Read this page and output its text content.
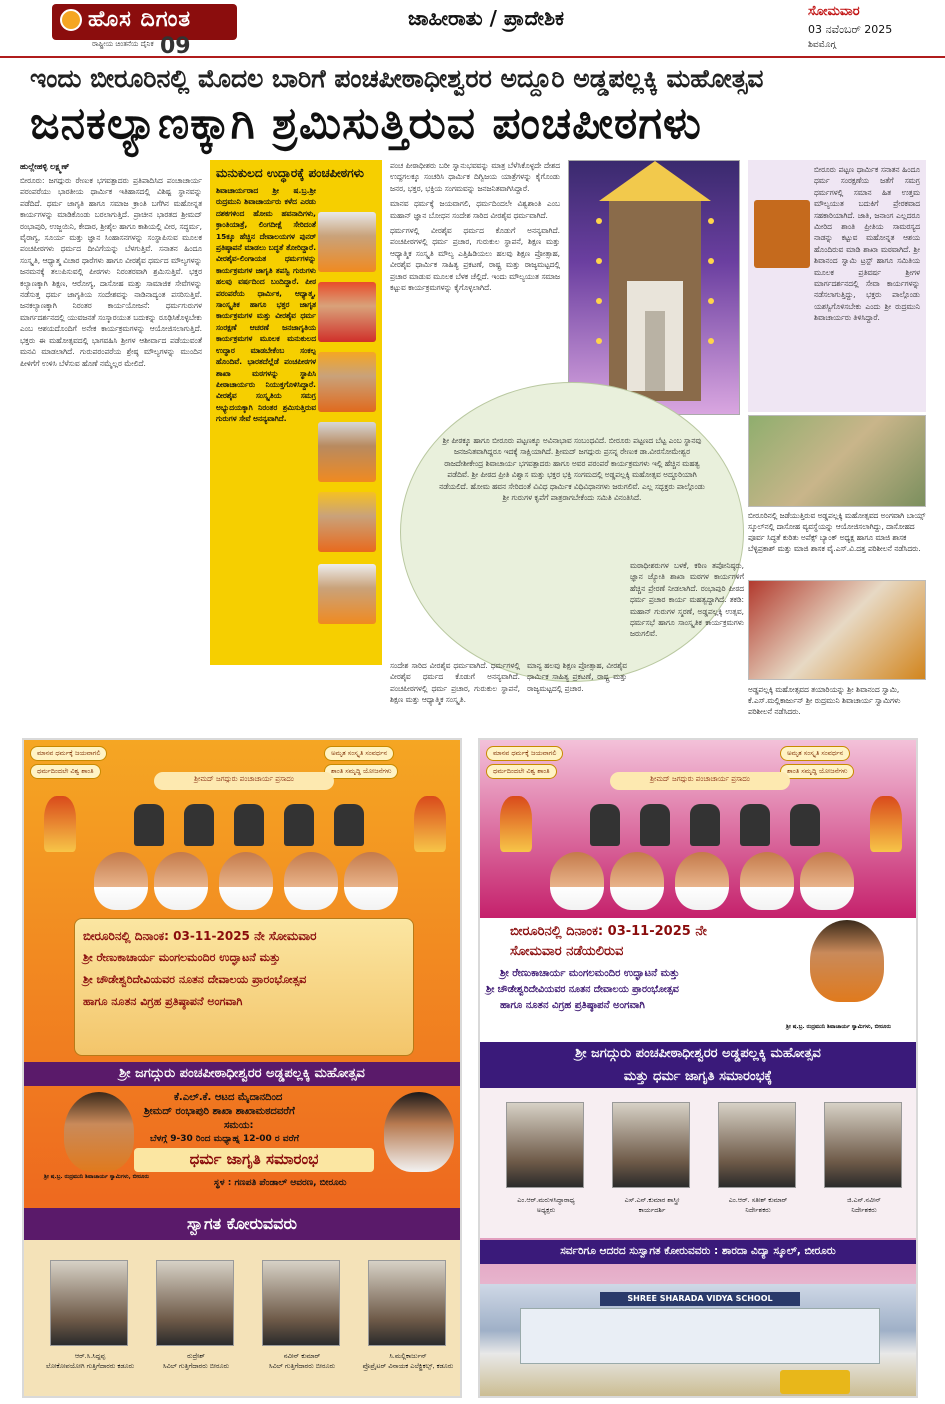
ಹೊಸ ದಿಗಂತ
ರಾಷ್ಟ್ರೀಯ ಚಿಂತನೆಯ ದೈನಿಕ 09
ಜಾಹೀರಾತು / ಪ್ರಾದೇಶಿಕ	ಸೋಮವಾರ
03 ನವೆಂಬರ್ 2025
ಶಿವಮೊಗ್ಗ
ಇಂದು ಬೀರೂರಿನಲ್ಲಿ ಮೊದಲ ಬಾರಿಗೆ ಪಂಚಪೀಠಾಧೀಶ್ವರರ ಅದ್ದೂರಿ ಅಡ್ಡಪಲ್ಲಕ್ಕಿ ಮಹೋತ್ಸವ
ಜನಕಲ್ಯಾಣಕ್ಕಾಗಿ ಶ್ರಮಿಸುತ್ತಿರುವ ಪಂಚಪೀಠಗಳು
ಹುಲ್ಲೇಹಳ್ಳಿ ಲಕ್ಷ್ಮಣ್
ಬೀರೂರು: ಜಗದ್ಗುರು ರೇಣುಕ ಭಗವತ್ಪಾದರು ಪ್ರತಿಪಾದಿಸಿದ ಪಂಚಾಚಾರ್ಯ ಪರಂಪರೆಯು ಭಾರತೀಯ ಧಾರ್ಮಿಕ ಇತಿಹಾಸದಲ್ಲಿ ವಿಶಿಷ್ಟ ಸ್ಥಾನವನ್ನು ಪಡೆದಿದೆ. ಧರ್ಮ ಜಾಗೃತಿ ಹಾಗೂ ಸಮಾಜ ಕ್ರಾಂತಿ ಬಗೆಗಿನ ಮಹೋನ್ನತ ಕಾರ್ಯಗಳನ್ನು ಮಾಡಿಕೊಂಡು ಬರಲಾಗುತ್ತಿದೆ. ಪ್ರಾಚೀನ ಭಾರತದ ಶ್ರೀಮದ್ ರಂಭಾಪುರಿ, ಉಜ್ಜಯಿನಿ, ಕೇದಾರ, ಶ್ರೀಶೈಲ ಹಾಗೂ ಕಾಶಿಯಲ್ಲಿ ವೀರ, ಸದ್ಧರ್ಮ, ವೈರಾಗ್ಯ, ಸೂರ್ಯ ಮತ್ತು ಜ್ಞಾನ ಸಿಂಹಾಸನಗಳನ್ನು ಸಂಸ್ಥಾಪಿಸುವ ಮೂಲಕ ಪಂಚಪೀಠಗಳು ಧರ್ಮದ ದೀವಿಗೆಯನ್ನು ಬೆಳಗುತ್ತಿವೆ. ಸನಾತನ ಹಿಂದೂ ಸಂಸ್ಕೃತಿ, ಆಧ್ಯಾತ್ಮ ವಿಚಾರ ಧಾರೆಗಳು ಹಾಗೂ ವೀರಶೈವ ಧರ್ಮದ ಮೌಲ್ಯಗಳನ್ನು ಜನಮನಕ್ಕೆ ತಲುಪಿಸುವಲ್ಲಿ ಪೀಠಗಳು ನಿರಂತರವಾಗಿ ಶ್ರಮಿಸುತ್ತಿವೆ. ಭಕ್ತರ ಕಲ್ಯಾಣಕ್ಕಾಗಿ ಶಿಕ್ಷಣ, ಆರೋಗ್ಯ, ದಾಸೋಹ ಮತ್ತು ಸಾಮಾಜಿಕ ಸೇವೆಗಳನ್ನು ನಡೆಸುತ್ತ ಧರ್ಮ ಜಾಗೃತಿಯ ಸಂದೇಶವನ್ನು ನಾಡಿನಾದ್ಯಂತ ಪಸರಿಸುತ್ತಿವೆ. ಜನಕಲ್ಯಾಣಕ್ಕಾಗಿ ನಿರಂತರ ಕಾರ್ಯಯೋಜನೆ: ಧರ್ಮಗುರುಗಳ ಮಾರ್ಗದರ್ಶನದಲ್ಲಿ ಯುವಜನತೆ ಸಂಸ್ಕಾರಯುತ ಬದುಕನ್ನು ರೂಢಿಸಿಕೊಳ್ಳಬೇಕು ಎಂಬ ಆಶಯದೊಂದಿಗೆ ಅನೇಕ ಕಾರ್ಯಕ್ರಮಗಳನ್ನು ಆಯೋಜಿಸಲಾಗುತ್ತಿದೆ. ಭಕ್ತರು ಈ ಮಹೋತ್ಸವದಲ್ಲಿ ಭಾಗವಹಿಸಿ ಶ್ರೀಗಳ ಆಶೀರ್ವಾದ ಪಡೆಯುವಂತೆ ಮನವಿ ಮಾಡಲಾಗಿದೆ. ಗುರುಪರಂಪರೆಯ ಶ್ರೇಷ್ಠ ಮೌಲ್ಯಗಳನ್ನು ಮುಂದಿನ ಪೀಳಿಗೆಗೆ ಉಳಿಸಿ ಬೆಳೆಸುವ ಹೊಣೆ ನಮ್ಮೆಲ್ಲರ ಮೇಲಿದೆ.
ಮನುಕುಲದ ಉದ್ಧಾರಕ್ಕೆ ಪಂಚಪೀಠಗಳು
ಶಿವಾಚಾರ್ಯರಾದ ಶ್ರೀ ಷ.ಬ್ರ.ಶ್ರೀ ರುದ್ರಮುನಿ ಶಿವಾಚಾರ್ಯರು ಕಳೆದ ಎರಡು ದಶಕಗಳಿಂದ ಹೋಮ ಹವನಾದಿಗಳು, ಕ್ರಾಂತಿಯಾತ್ರೆ, ಲಿಂಗದೀಕ್ಷೆ ಸೇರಿದಂತೆ 15ಕ್ಕೂ ಹೆಚ್ಚಿನ ದೇವಾಲಯಗಳ ಪುನರ್ ಪ್ರತಿಷ್ಠಾಪನೆ ಮಾಡಲು ಬದ್ಧತೆ ತೋರಿದ್ದಾರೆ. ವೀರಶೈವ-ಲಿಂಗಾಯತ ಧರ್ಮಗಳನ್ನು ಕಾರ್ಯಕ್ರಮಗಳ ಜಾಗೃತಿ ತಪಸ್ವಿ ಗುರುಗಳು ಹಲವು ವರ್ಷದಿಂದ ಬಂದಿದ್ದಾರೆ. ಪೀಠ ಪರಂಪರೆಯ ಧಾರ್ಮಿಕ, ಆಧ್ಯಾತ್ಮ, ಸಾಂಸ್ಕೃತಿಕ ಹಾಗೂ ಭಕ್ತರ ಜಾಗೃತ ಕಾರ್ಯಕ್ರಮಗಳ ಮತ್ತು ವೀರಶೈವ ಧರ್ಮ ಸಂರಕ್ಷಣೆ ಆಚರಣೆ ಜನಜಾಗೃತಿಯ ಕಾರ್ಯಕ್ರಮಗಳ ಮೂಲಕ ಮನುಕುಲದ ಉದ್ಧಾರ ಮಾಡಬೇಕೆಂಬ ಸಂಕಲ್ಪ ಹೊಂದಿವೆ. ಭಾರತದೆಲ್ಲೆಡೆ ಪಂಚಪೀಠಗಳ ಶಾಖಾ ಮಠಗಳನ್ನು ಸ್ಥಾಪಿಸಿ ಪೀಠಾಚಾರ್ಯರು ನಿಯುಕ್ತಗೊಳಿಸಿದ್ದಾರೆ. ವೀರಶೈವ ಸಂಸ್ಕೃತಿಯ ಸಮಗ್ರ ಅಭ್ಯುದಯಕ್ಕಾಗಿ ನಿರಂತರ ಶ್ರಮಿಸುತ್ತಿರುವ ಗುರುಗಳ ಸೇವೆ ಅನನ್ಯವಾಗಿದೆ.

ಪಂಚ ಪೀಠಾಧೀಶರು ಬರೀ ಸ್ವಾನುಭವವನ್ನು ಮಾತ್ರ ಬೆಳೆಸಿಕೊಳ್ಳದೇ ದೇಶದ ಉದ್ದಗಲಕ್ಕೂ ಸಂಚರಿಸಿ ಧಾರ್ಮಿಕ ದಿಗ್ವಿಜಯ ಯಾತ್ರೆಗಳನ್ನು ಕೈಗೊಂಡು ಜನರ, ಭಕ್ತರ, ಭಕ್ತಿಯ ಸಂಗಮವನ್ನು ಜನಜನಿತವಾಗಿಸಿದ್ದಾರೆ.

ಮಾನವ ಧರ್ಮಕ್ಕೆ ಜಯವಾಗಲಿ, ಧರ್ಮದಿಂದಲೇ ವಿಶ್ವಶಾಂತಿ ಎಂಬ ಮಹಾನ್ ಜ್ಞಾನ ಬೋಧನ ಸಂದೇಶ ಸಾರಿದ ವೀರಶೈವ ಧರ್ಮವಾಗಿದೆ.

ಧರ್ಮಗಳಲ್ಲಿ ವೀರಶೈವ ಧರ್ಮದ ಕೊಡುಗೆ ಅನನ್ಯವಾಗಿದೆ. ಪಂಚಪೀಠಗಳಲ್ಲಿ ಧರ್ಮ ಪ್ರಚಾರ, ಗುರುಕುಲ ಸ್ಥಾಪನೆ, ಶಿಕ್ಷಣ ಮತ್ತು ಆಧ್ಯಾತ್ಮಿಕ ಸಂಸ್ಕೃತಿ ಮೌಲ್ಯ ಎತ್ತಿಹಿಡಿಯಲು ಹಲವು ಶಿಕ್ಷಣ ಪ್ರೋತ್ಸಾಹ, ವೀರಶೈವ ಧಾರ್ಮಿಕ ಸಾಹಿತ್ಯ ಪ್ರಕಟಣೆ, ರಾಷ್ಟ್ರ ಮತ್ತು ರಾಜ್ಯಮಟ್ಟದಲ್ಲಿ ಪ್ರಚಾರ ಮಾಡುವ ಮೂಲಕ ಬೆಳಕ ಚೆಲ್ಲಿದೆ. ಇಂದು ಮೌಲ್ಯಯುತ ಸಮಾಜ ಕಟ್ಟುವ ಕಾರ್ಯಕ್ರಮಗಳನ್ನು ಕೈಗೊಳ್ಳಲಾಗಿದೆ.

ಬೀರೂರು ಪಟ್ಟಣ ಧಾರ್ಮಿಕ ಸನಾತನ ಹಿಂದೂ ಧರ್ಮ ಸಂರಕ್ಷಣೆಯ ಜತೆಗೆ ಸಮಗ್ರ ಧರ್ಮಗಳಲ್ಲಿ ಸಮಾನ ಹಿತ ಉತ್ತಮ ಮೌಲ್ಯಯುತ ಬದುಕಿಗೆ ಪ್ರೇರಕವಾದ ಸಹಕಾರಿಯಾಗಿದೆ. ಜಾತಿ, ಜನಾಂಗ ಎಲ್ಲದರೂ ಮೀರಿದ ಶಾಂತಿ ಪ್ರೀತಿಯ ಸಾಮರಸ್ಯದ ನಾಡನ್ನು ಕಟ್ಟುವ ಮಹೋನ್ನತ ಆಶಯ ಹೊಂದಿರುವ ಮಾಡಿ ಶಾಖಾ ಮಠವಾಗಿದೆ. ಶ್ರೀ ಶಿವಾನಂದ ಸ್ವಾಮಿ ಟ್ರಸ್ಟ್ ಹಾಗೂ ಸಮಿತಿಯ ಮೂಲಕ ಪ್ರತಿವರ್ಷ ಶ್ರೀಗಳ ಮಾರ್ಗದರ್ಶನದಲ್ಲಿ ಸೇವಾ ಕಾರ್ಯಗಳನ್ನು ನಡೆಸಲಾಗುತ್ತಿದ್ದು, ಭಕ್ತರು ಪಾಲ್ಗೊಂಡು ಯಶಸ್ವಿಗೊಳಿಸಬೇಕು ಎಂದು ಶ್ರೀ ರುದ್ರಮುನಿ ಶಿವಾಚಾರ್ಯರು ತಿಳಿಸಿದ್ದಾರೆ.
ಬೀರೂರಿನಲ್ಲಿ ಜಡೆಯುತ್ತಿರುವ ಅಡ್ಡಪಲ್ಲಕ್ಕಿ ಮಹೋತ್ಸವದ ಅಂಗವಾಗಿ ಬಾಯ್ಸ್ ಸ್ಕೂಲ್‌ನಲ್ಲಿ ದಾಸೋಹ ವ್ಯವಸ್ಥೆಯನ್ನು ಆಯೋಜಿಸಲಾಗಿದ್ದು, ದಾಸೋಹದ ಪೂರ್ವ ಸಿದ್ಧತೆ ಕುರಿತು ಅಪೆಕ್ಸ್ ಬ್ಯಾಂಕ್ ಅಧ್ಯಕ್ಷ ಹಾಗೂ ಮಾಜಿ ಶಾಸಕ ಬೆಳ್ಳಿಪ್ರಕಾಶ್ ಮತ್ತು ಮಾಜಿ ಶಾಸಕ ವೈ.ಎಸ್.ವಿ.ದತ್ತ ಪರಿಶೀಲನೆ ನಡೆಸಿದರು.
ಅಡ್ಡಪಲ್ಲಕ್ಕಿ ಮಹೋತ್ಸವದ ತಯಾರಿಯನ್ನು ಶ್ರೀ ಶಿವಾನಂದ ಸ್ವಾಮಿ, ಕೆ.ಎಸ್.ಮಲ್ಲಿಕಾರ್ಜುನ್ ಶ್ರೀ ರುದ್ರಮುನಿ ಶಿವಾಚಾರ್ಯ ಸ್ವಾಮಿಗಳು ಪರಿಶೀಲನೆ ನಡೆಸಿದರು.
ಶ್ರೀ ಪೀಠಕ್ಕೂ ಹಾಗೂ ಬೀರೂರು ಪಟ್ಟಣಕ್ಕೂ ಅವಿನಾಭಾವ ಸಂಬಂಧವಿದೆ. ಬೀರೂರು ಪಟ್ಟಣದ ಬೆಟ್ಟ ಎಂಬ ಸ್ಥಾನವು ಜನಜನಿತವಾಗಿದ್ದರೂ ಇದಕ್ಕೆ ಸಾಕ್ಷಿಯಾಗಿದೆ. ಶ್ರೀಮದ್ ಜಗದ್ಗುರು ಪ್ರಸನ್ನ ರೇಣುಕ ಡಾ.ವೀರಸೋಮೇಶ್ವರ ರಾಜದೇಶೀಕೇಂದ್ರ ಶಿವಾಚಾರ್ಯ ಭಗವತ್ಪಾದರು ಹಾಗೂ ಅವರ ಪರಂಪರೆ ಕಾರ್ಯಕ್ರಮಗಳು ಇಲ್ಲಿ ಹೆಚ್ಚಿನ ಮಹತ್ವ ಪಡೆದಿವೆ. ಶ್ರೀ ಪೀಠದ ಪ್ರೀತಿ ವಿಶ್ವಾಸ ಮತ್ತು ಭಕ್ತರ ಭಕ್ತಿ ಸಂಗಮದಲ್ಲಿ ಅಡ್ಡಪಲ್ಲಕ್ಕಿ ಮಹೋತ್ಸವ ಅದ್ದೂರಿಯಾಗಿ ನಡೆಯಲಿದೆ. ಹೋಮ ಹವನ ಸೇರಿದಂತೆ ವಿವಿಧ ಧಾರ್ಮಿಕ ವಿಧಿವಿಧಾನಗಳು ಜರುಗಲಿವೆ. ಎಲ್ಲ ಸದ್ಭಕ್ತರು ಪಾಲ್ಗೊಂಡು ಶ್ರೀ ಗುರುಗಳ ಕೃಪೆಗೆ ಪಾತ್ರರಾಗಬೇಕೆಂದು ಸಮಿತಿ ವಿನಂತಿಸಿದೆ.
ಸಂದೇಶ ಸಾರಿದ ವೀರಶೈವ ಧರ್ಮವಾಗಿದೆ. ಧರ್ಮಗಳಲ್ಲಿ ವೀರಶೈವ ಧರ್ಮದ ಕೊಡುಗೆ ಅನನ್ಯವಾಗಿದೆ. ಪಂಚಪೀಠಗಳಲ್ಲಿ ಧರ್ಮ ಪ್ರಚಾರ, ಗುರುಕುಲ ಸ್ಥಾಪನೆ, ಶಿಕ್ಷಣ ಮತ್ತು ಆಧ್ಯಾತ್ಮಿಕ ಸಂಸ್ಕೃತಿ.
ಮಾನ್ಯ ಹಲವು ಶಿಕ್ಷಣ ಪ್ರೋತ್ಸಾಹ, ವೀರಶೈವ ಧಾರ್ಮಿಕ ಸಾಹಿತ್ಯ ಪ್ರಕಟಣೆ, ರಾಷ್ಟ್ರ ಮತ್ತು ರಾಜ್ಯಮಟ್ಟದಲ್ಲಿ ಪ್ರಚಾರ.
ಮಠಾಧೀಶರುಗಳ ಬಳಕೆ, ಕಠಿಣ ತಪೋನಿಷ್ಠರು, ಜ್ಞಾನ ಜ್ಯೋತಿ ಶಾಖಾ ಮಠಗಳ ಕಾರ್ಯಗಳಿಗೆ ಹೆಚ್ಚಿನ ಪ್ರೇರಣೆ ನೀಡಲಾಗಿದೆ. ರಂಭಾಪುರಿ ಪೀಠದ ಧರ್ಮ ಪ್ರಚಾರ ಕಾರ್ಯ ಮಹತ್ವದ್ದಾಗಿದೆ. ತಕಡಿ: ಮಹಾನ್ ಗುರುಗಳ ಸ್ಮರಣೆ, ಅಡ್ಡಪಲ್ಲಕ್ಕಿ ಉತ್ಸವ, ಧರ್ಮಸಭೆ ಹಾಗೂ ಸಾಂಸ್ಕೃತಿಕ ಕಾರ್ಯಕ್ರಮಗಳು ಜರುಗಲಿವೆ.
ಮಾನವ ಧರ್ಮಕ್ಕೆ ಜಯವಾಗಲಿ
ಧರ್ಮದಿಂದಲೇ ವಿಶ್ವ ಶಾಂತಿ
ಅಮೃತ ಸಂಸ್ಕೃತಿ ಸಂವರ್ಧನ
ಶಾಂತಿ ಸಮೃದ್ಧಿ ಯೋಜನೆಗಳು
ಶ್ರೀಮದ್ ಜಗದ್ಗುರು ಪಂಚಾಚಾರ್ಯ ಪ್ರಸಾದಂ
ಬೀರೂರಿನಲ್ಲಿ ದಿನಾಂಕ: 03-11-2025 ನೇ ಸೋಮವಾರ
ಶ್ರೀ ರೇಣುಕಾಚಾರ್ಯ ಮಂಗಲಮಂದಿರ ಉದ್ಘಾಟನೆ ಮತ್ತು
ಶ್ರೀ ಚೌಡೇಶ್ವರಿದೇವಿಯವರ ನೂತನ ದೇವಾಲಯ ಪ್ರಾರಂಭೋತ್ಸವ
ಹಾಗೂ ನೂತನ ವಿಗ್ರಹ ಪ್ರತಿಷ್ಠಾಪನೆ ಅಂಗವಾಗಿ
ಶ್ರೀ ಜಗದ್ಗುರು ಪಂಚಪೀಠಾಧೀಶ್ವರರ ಅಡ್ಡಪಲ್ಲಕ್ಕಿ ಮಹೋತ್ಸವ
ಕೆ.ಎಲ್.ಕೆ. ಆಟದ ಮೈದಾನದಿಂದ
ಶ್ರೀಮದ್ ರಂಭಾಪುರಿ ಶಾಖಾ ಶಾಖಾಮಠದವರೆಗೆ
ಸಮಯ:
ಬೆಳಗ್ಗೆ 9-30 ರಿಂದ ಮಧ್ಯಾಹ್ನ 12-00 ರ ವರೆಗೆ
ಧರ್ಮ ಜಾಗೃತಿ ಸಮಾರಂಭ
ಶ್ರೀ ಷ.ಬ್ರ. ರುದ್ರಮುನಿ ಶಿವಾಚಾರ್ಯ ಸ್ವಾಮಿಗಳು, ಬೀರೂರು
ಸ್ಥಳ : ಗಣಪತಿ ಪೆಂಡಾಲ್ ಆವರಣ, ಬೀರೂರು
ಸ್ವಾಗತ ಕೋರುವವರು
ಆರ್.ಸಿ.ಸಿದ್ದಪ್ಪ
ಲೋಕೋಪಯೋಗಿ ಗುತ್ತಿಗೆದಾರರು ಕಡೂರು
ರುದ್ರೇಶ್
ಸಿವಿಲ್ ಗುತ್ತಿಗೆದಾರರು ಬೀರೂರು
ನವೀನ್ ಕುಮಾರ್
ಸಿವಿಲ್ ಗುತ್ತಿಗೆದಾರರು ಬೀರೂರು
ಸಿ.ಮಲ್ಲಿಕಾರ್ಜುನ್
ಪ್ರೊಪ್ರೈಟರ್ ವಿನಾಯಕ ಎಲೆಕ್ಟ್ರಿಕಲ್ಸ್, ಕಡೂರು
ಮಾನವ ಧರ್ಮಕ್ಕೆ ಜಯವಾಗಲಿ
ಧರ್ಮದಿಂದಲೇ ವಿಶ್ವ ಶಾಂತಿ
ಅಮೃತ ಸಂಸ್ಕೃತಿ ಸಂವರ್ಧನ
ಶಾಂತಿ ಸಮೃದ್ಧಿ ಯೋಜನೆಗಳು
ಶ್ರೀಮದ್ ಜಗದ್ಗುರು ಪಂಚಾಚಾರ್ಯ ಪ್ರಸಾದಂ
ಬೀರೂರಿನಲ್ಲಿ ದಿನಾಂಕ: 03-11-2025 ನೇ
ಸೋಮವಾರ ನಡೆಯಲಿರುವ
ಶ್ರೀ ರೇಣುಕಾಚಾರ್ಯ ಮಂಗಲಮಂದಿರ ಉದ್ಘಾಟನೆ ಮತ್ತು
ಶ್ರೀ ಚೌಡೇಶ್ವರಿದೇವಿಯವರ ನೂತನ ದೇವಾಲಯ ಪ್ರಾರಂಭೋತ್ಸವ
ಹಾಗೂ ನೂತನ ವಿಗ್ರಹ ಪ್ರತಿಷ್ಠಾಪನೆ ಅಂಗವಾಗಿ
ಶ್ರೀ ಷ.ಬ್ರ. ರುದ್ರಮುನಿ ಶಿವಾಚಾರ್ಯ ಸ್ವಾಮಿಗಳು, ಬೀರೂರು
ಶ್ರೀ ಜಗದ್ಗುರು ಪಂಚಪೀಠಾಧೀಶ್ವರರ ಅಡ್ಡಪಲ್ಲಕ್ಕಿ ಮಹೋತ್ಸವ
ಮತ್ತು ಧರ್ಮ ಜಾಗೃತಿ ಸಮಾರಂಭಕ್ಕೆ
ಎಂ.ಆರ್.ಮರುಳಸಿದ್ಧಾರಾಧ್ಯ
ಅಧ್ಯಕ್ಷರು
ಎಸ್.ಎನ್.ಕುಮಾರ ಶಾಸ್ತ್ರೀ
ಕಾರ್ಯದರ್ಶಿ
ಎಂ.ಆರ್. ಸತೀಶ್ ಕುಮಾರ್
ನಿರ್ದೇಶಕರು
ಜಿ.ಎನ್.ನವೀನ್
ನಿರ್ದೇಶಕರು
ಸರ್ವರಿಗೂ ಆದರದ ಸುಸ್ವಾಗತ ಕೋರುವವರು : ಶಾರದಾ ವಿದ್ಯಾ ಸ್ಕೂಲ್, ಬೀರೂರು
SHREE SHARADA VIDYA SCHOOL
